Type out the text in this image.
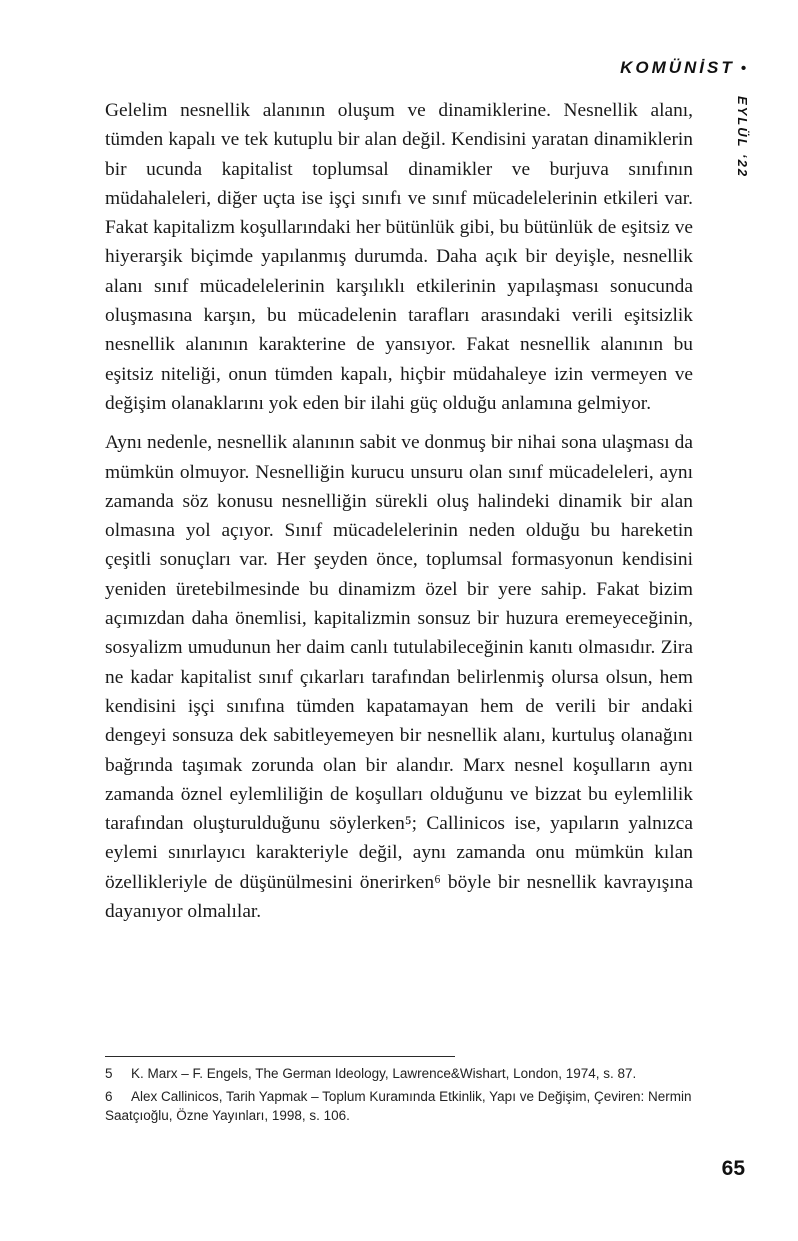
KOMÜNİST •
EYLÜL ‘22

Gelelim nesnellik alanının oluşum ve dinamiklerine. Nesnellik alanı, tümden kapalı ve tek kutuplu bir alan değil. Kendisini yaratan dinamiklerin bir ucunda kapitalist toplumsal dinamikler ve burjuva sınıfının müdahaleleri, diğer uçta ise işçi sınıfı ve sınıf mücadelelerinin etkileri var. Fakat kapitalizm koşullarındaki her bütünlük gibi, bu bütünlük de eşitsiz ve hiyerarşik biçimde yapılanmış durumda. Daha açık bir deyişle, nesnellik alanı sınıf mücadelelerinin karşılıklı etkilerinin yapılaşması sonucunda oluşmasına karşın, bu mücadelenin tarafları arasındaki verili eşitsizlik nesnellik alanının karakterine de yansıyor. Fakat nesnellik alanının bu eşitsiz niteliği, onun tümden kapalı, hiçbir müdahaleye izin vermeyen ve değişim olanaklarını yok eden bir ilahi güç olduğu anlamına gelmiyor.

Aynı nedenle, nesnellik alanının sabit ve donmuş bir nihai sona ulaşması da mümkün olmuyor. Nesnelliğin kurucu unsuru olan sınıf mücadeleleri, aynı zamanda söz konusu nesnelliğin sürekli oluş halindeki dinamik bir alan olmasına yol açıyor. Sınıf mücadelelerinin neden olduğu bu hareketin çeşitli sonuçları var. Her şeyden önce, toplumsal formasyonun kendisini yeniden üretebilmesinde bu dinamizm özel bir yere sahip. Fakat bizim açımızdan daha önemlisi, kapitalizmin sonsuz bir huzura eremeyeceğinin, sosyalizm umudunun her daim canlı tutulabileceğinin kanıtı olmasıdır. Zira ne kadar kapitalist sınıf çıkarları tarafından belirlenmiş olursa olsun, hem kendisini işçi sınıfına tümden kapatamayan hem de verili bir andaki dengeyi sonsuza dek sabitleyemeyen bir nesnellik alanı, kurtuluş olanağını bağrında taşımak zorunda olan bir alandır. Marx nesnel koşulların aynı zamanda öznel eylemliliğin de koşulları olduğunu ve bizzat bu eylemlilik tarafından oluşturulduğunu söylerken⁵; Callinicos ise, yapıların yalnızca eylemi sınırlayıcı karakteriyle değil, aynı zamanda onu mümkün kılan özellikleriyle de düşünülmesini önerirken⁶ böyle bir nesnellik kavrayışına dayanıyor olmalılar.

5 K. Marx – F. Engels, The German Ideology, Lawrence&Wishart, London, 1974, s. 87.

6 Alex Callinicos, Tarih Yapmak – Toplum Kuramında Etkinlik, Yapı ve Değişim, Çeviren: Nermin Saatçıoğlu, Özne Yayınları, 1998, s. 106.

65
